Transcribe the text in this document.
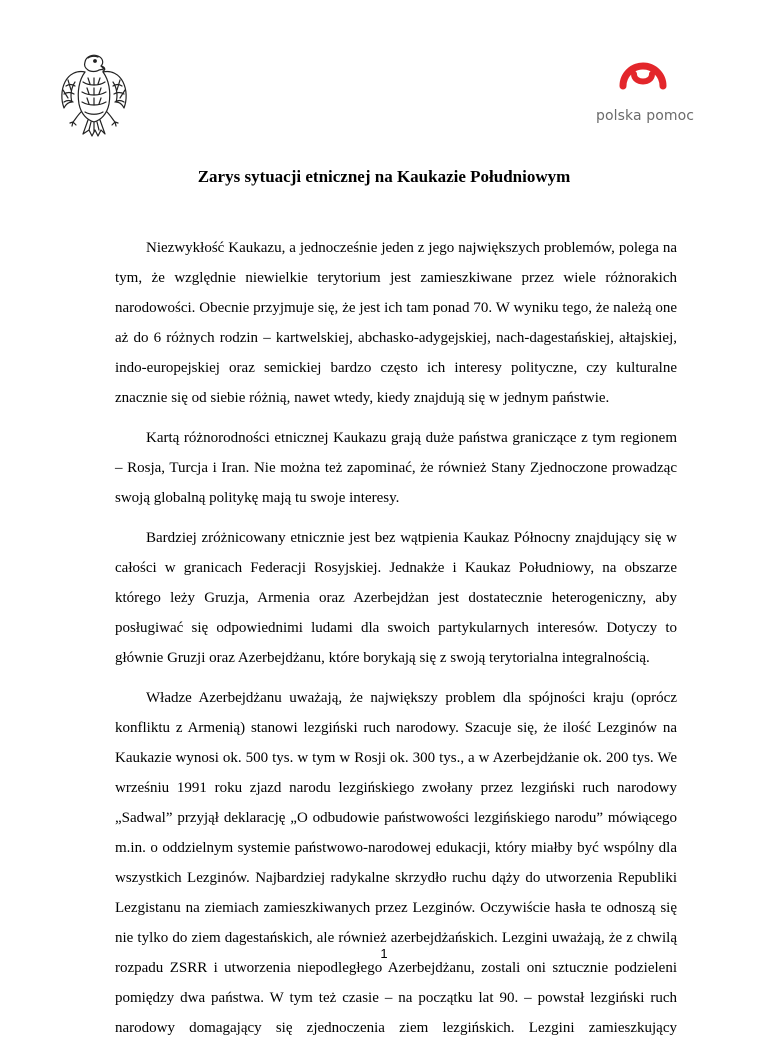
polska pomoc
Zarys sytuacji etnicznej na Kaukazie Południowym

Niezwykłość Kaukazu, a jednocześnie jeden z jego największych problemów, polega na tym, że względnie niewielkie terytorium jest zamieszkiwane przez wiele różnorakich narodowości. Obecnie przyjmuje się, że jest ich tam ponad 70. W wyniku tego, że należą one aż do 6 różnych rodzin – kartwelskiej, abchasko-adygejskiej, nach-dagestańskiej, ałtajskiej, indo-europejskiej oraz semickiej bardzo często ich interesy polityczne, czy kulturalne znacznie się od siebie różnią, nawet wtedy, kiedy znajdują się w jednym państwie.

Kartą różnorodności etnicznej Kaukazu grają duże państwa graniczące z tym regionem – Rosja, Turcja i Iran. Nie można też zapominać, że również Stany Zjednoczone prowadząc swoją globalną politykę mają tu swoje interesy.

Bardziej zróżnicowany etnicznie jest bez wątpienia Kaukaz Północny znajdujący się w całości w granicach Federacji Rosyjskiej. Jednakże i Kaukaz Południowy, na obszarze którego leży Gruzja, Armenia oraz Azerbejdżan jest dostatecznie heterogeniczny, aby posługiwać się odpowiednimi ludami dla swoich partykularnych interesów. Dotyczy to głównie Gruzji oraz Azerbejdżanu, które borykają się z swoją terytorialna integralnością.

Władze Azerbejdżanu uważają, że największy problem dla spójności kraju (oprócz konfliktu z Armenią) stanowi lezgiński ruch narodowy. Szacuje się, że ilość Lezginów na Kaukazie wynosi ok. 500 tys. w tym w Rosji ok. 300 tys., a w Azerbejdżanie ok. 200 tys. We wrześniu 1991 roku zjazd narodu lezgińskiego zwołany przez lezgiński ruch narodowy „Sadwal” przyjął deklarację „O odbudowie państwowości lezgińskiego narodu” mówiącego m.in. o oddzielnym systemie państwowo-narodowej edukacji, który miałby być wspólny dla wszystkich Lezginów. Najbardziej radykalne skrzydło ruchu dąży do utworzenia Republiki Lezgistanu na ziemiach zamieszkiwanych przez Lezginów. Oczywiście hasła te odnoszą się nie tylko do ziem dagestańskich, ale również azerbejdżańskich. Lezgini uważają, że z chwilą rozpadu ZSRR i utworzenia niepodległego Azerbejdżanu, zostali oni sztucznie podzieleni pomiędzy dwa państwa. W tym też czasie – na początku lat 90. – powstał lezgiński ruch narodowy domagający się zjednoczenia ziem lezgińskich. Lezgini zamieszkujący

1
